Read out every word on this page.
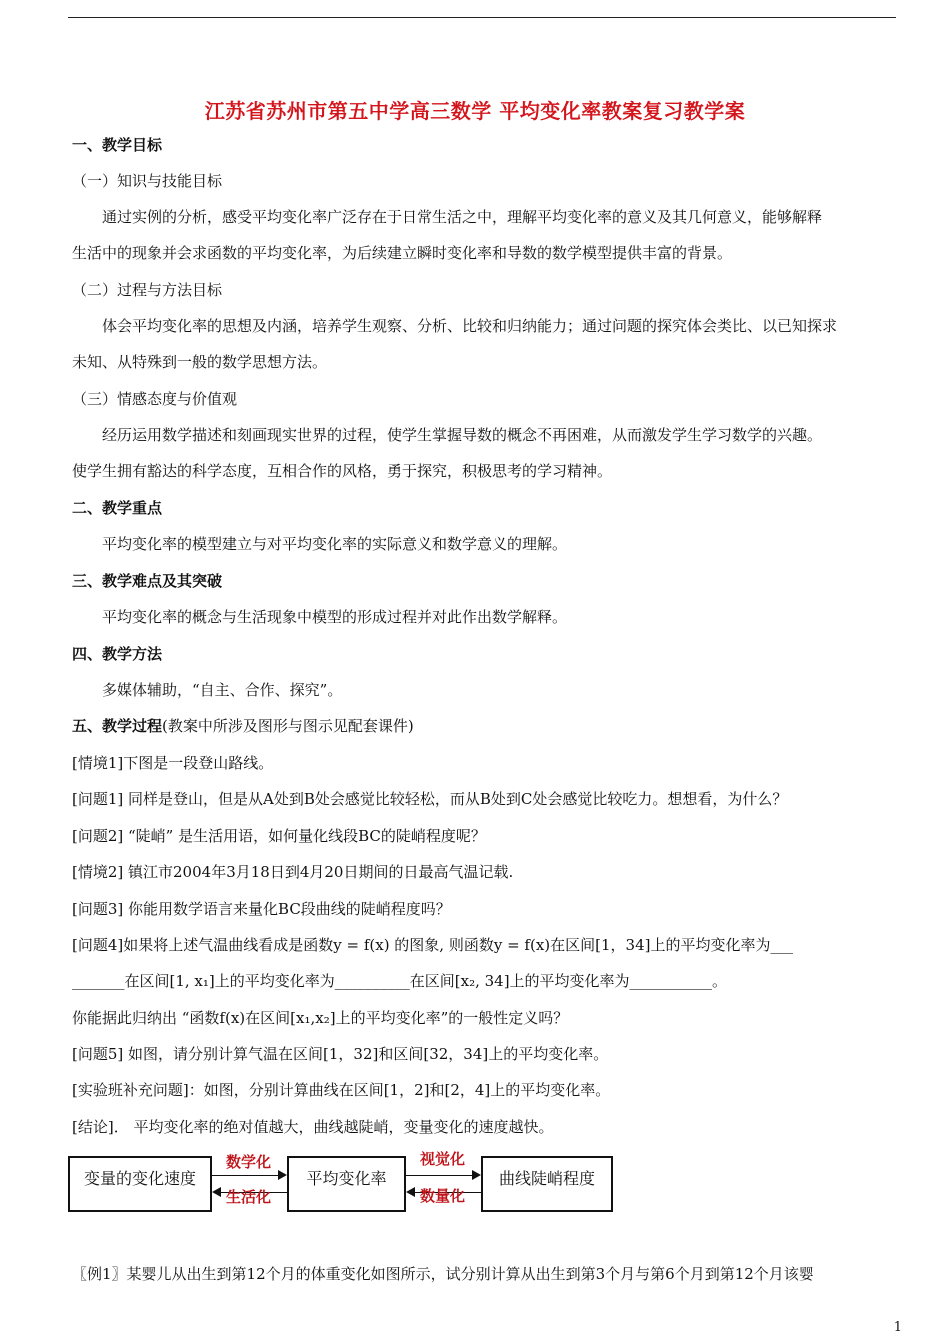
江苏省苏州市第五中学高三数学 平均变化率教案复习教学案
一、教学目标
（一）知识与技能目标
通过实例的分析，感受平均变化率广泛存在于日常生活之中，理解平均变化率的意义及其几何意义，能够解释
生活中的现象并会求函数的平均变化率，为后续建立瞬时变化率和导数的数学模型提供丰富的背景。
（二）过程与方法目标
体会平均变化率的思想及内涵，培养学生观察、分析、比较和归纳能力；通过问题的探究体会类比、以已知探求
未知、从特殊到一般的数学思想方法。
（三）情感态度与价值观
经历运用数学描述和刻画现实世界的过程，使学生掌握导数的概念不再困难，从而激发学生学习数学的兴趣。
使学生拥有豁达的科学态度，互相合作的风格，勇于探究，积极思考的学习精神。
二、教学重点
平均变化率的模型建立与对平均变化率的实际意义和数学意义的理解。
三、教学难点及其突破
平均变化率的概念与生活现象中模型的形成过程并对此作出数学解释。
四、教学方法
多媒体辅助，“自主、合作、探究”。
五、教学过程(教案中所涉及图形与图示见配套课件)
[情境1]下图是一段登山路线。
[问题1] 同样是登山，但是从A处到B处会感觉比较轻松，而从B处到C处会感觉比较吃力。想想看，为什么？
[问题2] “陡峭” 是生活用语，如何量化线段BC的陡峭程度呢？
[情境2] 镇江市2004年3月18日到4月20日期间的日最高气温记载.
[问题3] 你能用数学语言来量化BC段曲线的陡峭程度吗？
[问题4]如果将上述气温曲线看成是函数y = f(x) 的图象, 则函数y = f(x)在区间[1，34]上的平均变化率为___
_______在区间[1, x₁]上的平均变化率为__________在区间[x₂, 34]上的平均变化率为___________。
你能据此归纳出 “函数f(x)在区间[x₁,x₂]上的平均变化率”的一般性定义吗？
[问题5] 如图，请分别计算气温在区间[1，32]和区间[32，34]上的平均变化率。
[实验班补充问题]：如图，分别计算曲线在区间[1，2]和[2，4]上的平均变化率。
[结论]． 平均变化率的绝对值越大，曲线越陡峭，变量变化的速度越快。
变量的变化速度	平均变化率	曲线陡峭程度
数学化
生活化
视觉化
数量化
〖例1〗某婴儿从出生到第12个月的体重变化如图所示，试分别计算从出生到第3个月与第6个月到第12个月该婴
1
